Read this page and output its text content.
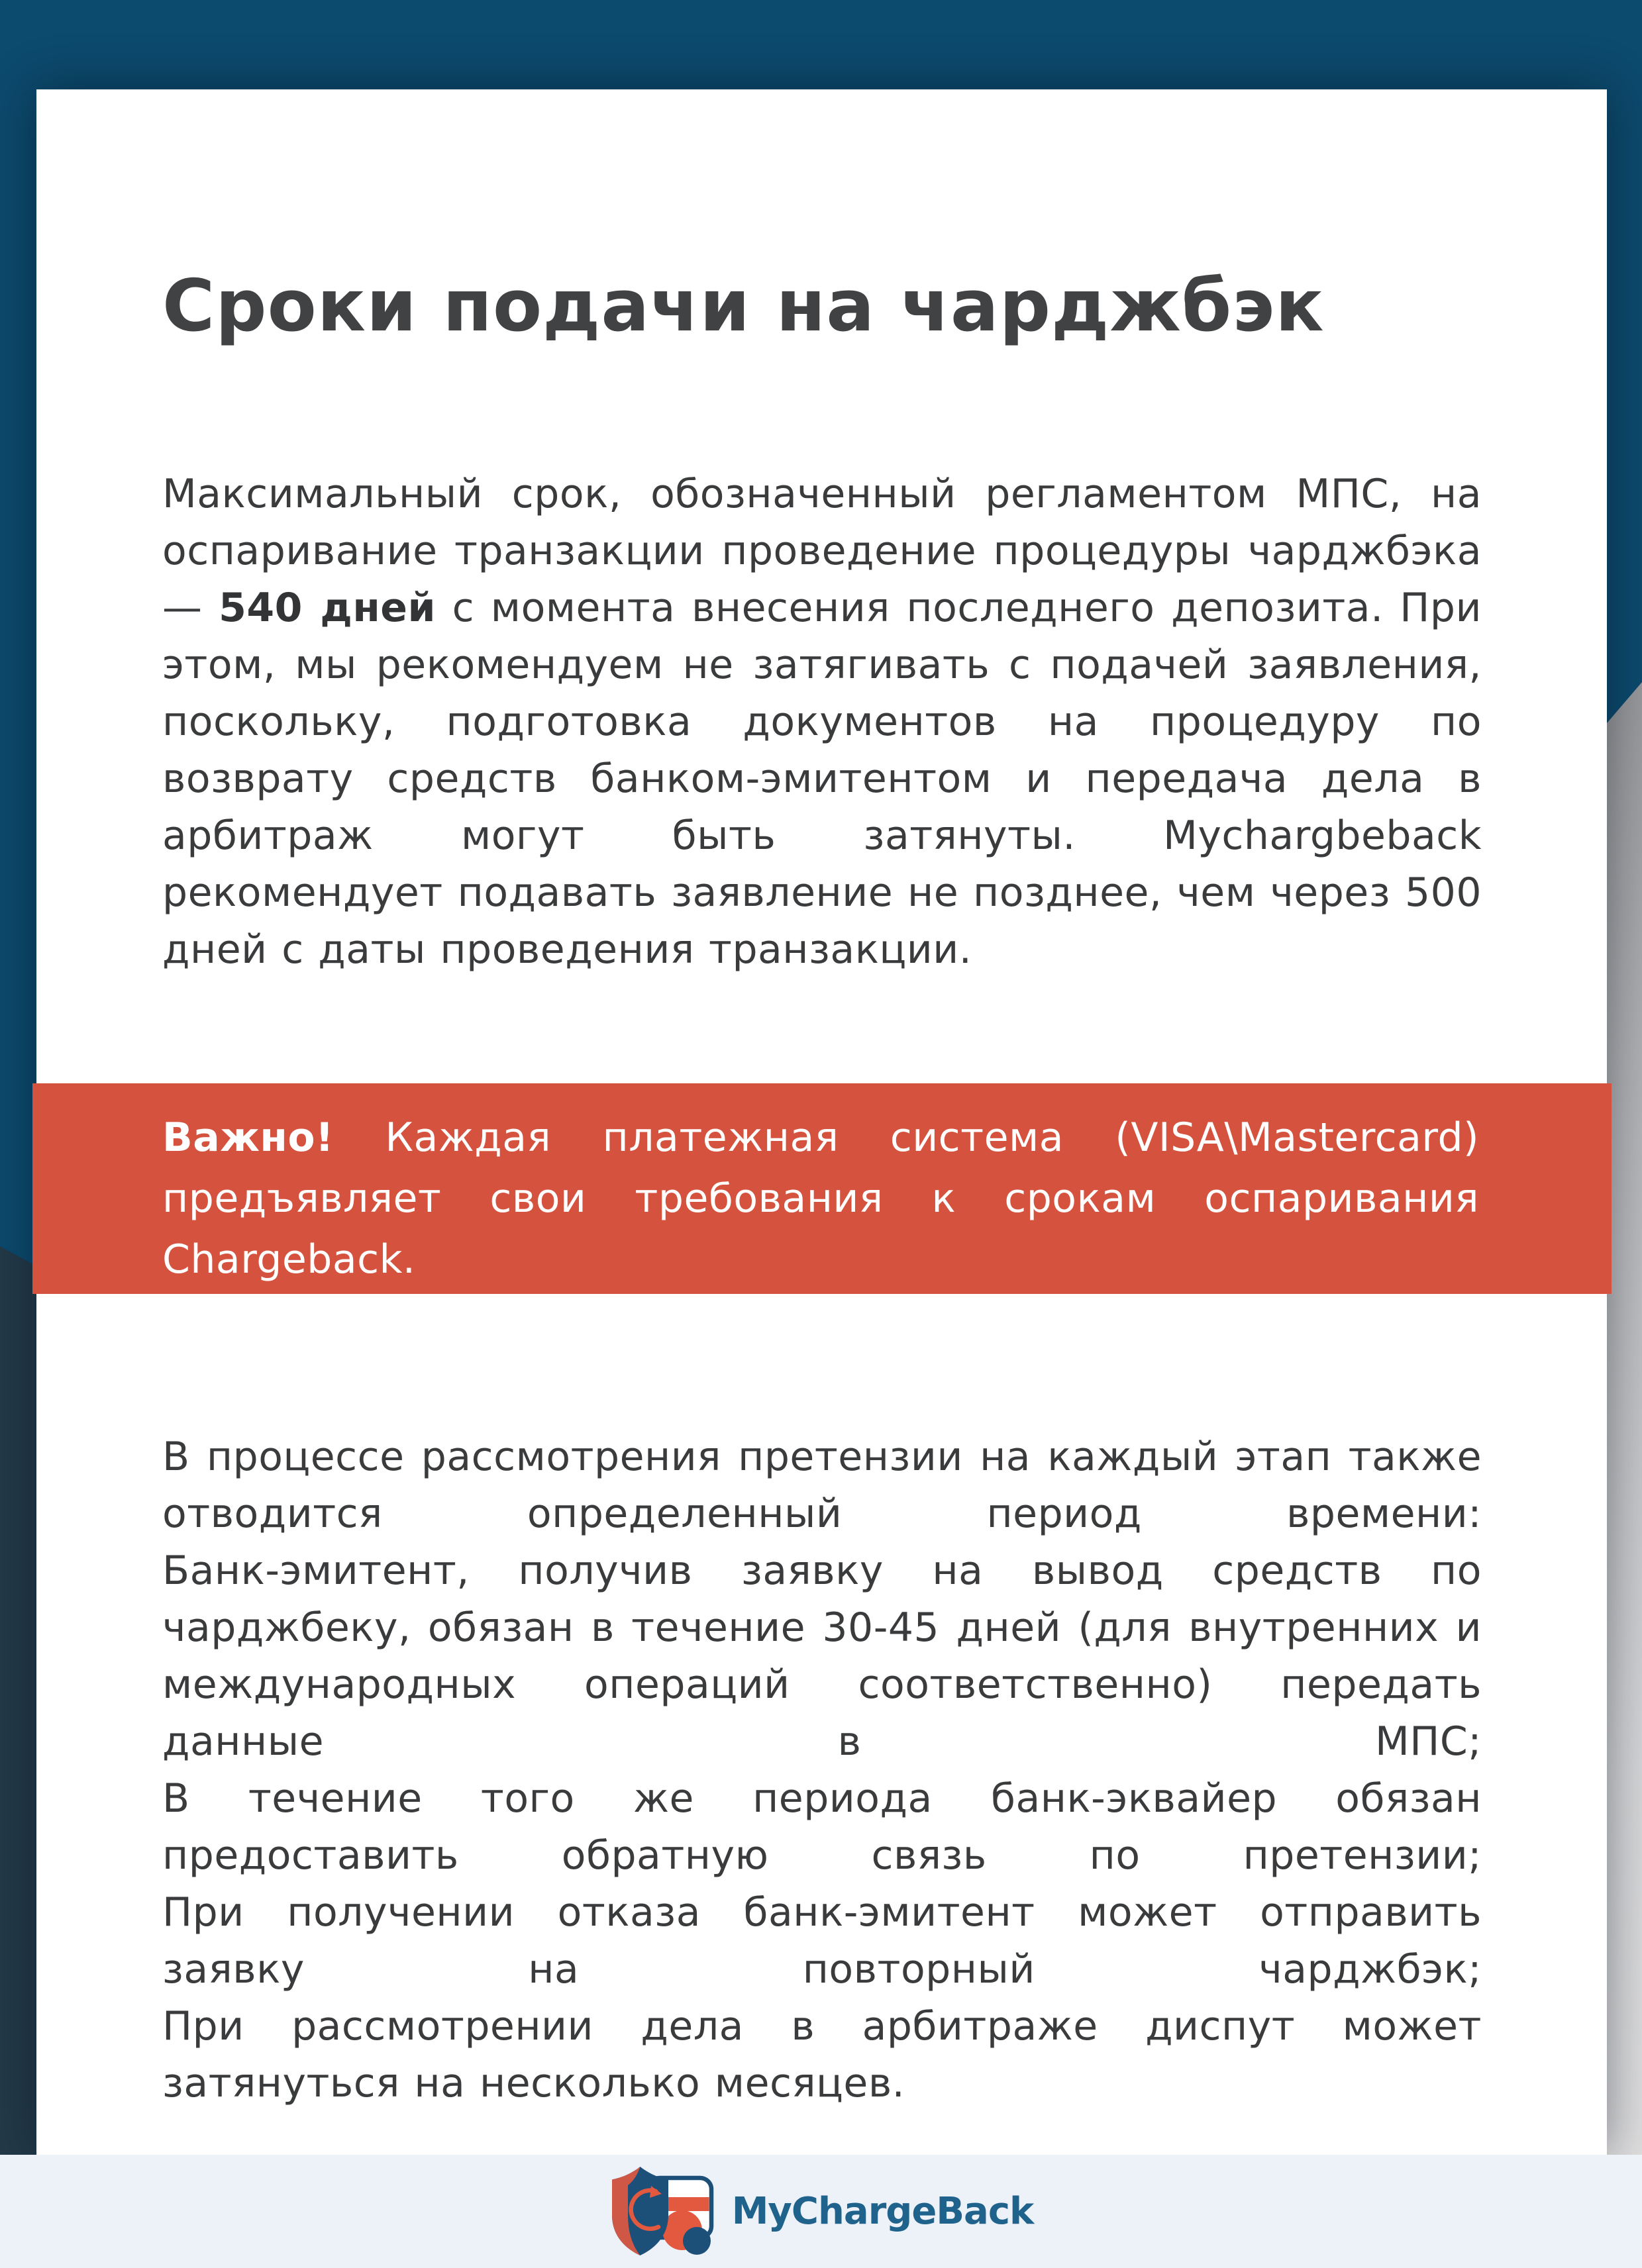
Сроки подачи на чарджбэк
Максимальный срок, обозначенный регламентом МПС, на оспаривание транзакции проведение процедуры чарджбэка — 540 дней с момента внесения последнего депозита. При этом, мы рекомендуем не затягивать с подачей заявления, поскольку, подготовка документов на процедуру по возврату средств банком-эмитентом и передача дела в арбитраж могут быть затянуты. Mychargbeback рекомендует подавать заявление не позднее, чем через 500 дней с даты проведения транзакции.
Важно! Каждая платежная система (VISA\Mastercard) предъявляет свои требования к срокам оспаривания Chargeback.

В процессе рассмотрения претензии на каждый этап также отводится определенный период времени:

Банк-эмитент, получив заявку на вывод средств по чарджбеку, обязан в течение 30-45 дней (для внутренних и международных операций соответственно) передать данные в МПС;

В течение того же периода банк-эквайер обязан предоставить обратную связь по претензии;

При получении отказа банк-эмитент может отправить заявку на повторный чарджбэк;

При рассмотрении дела в арбитраже диспут может затянуться на несколько месяцев.

MyChargeBack
